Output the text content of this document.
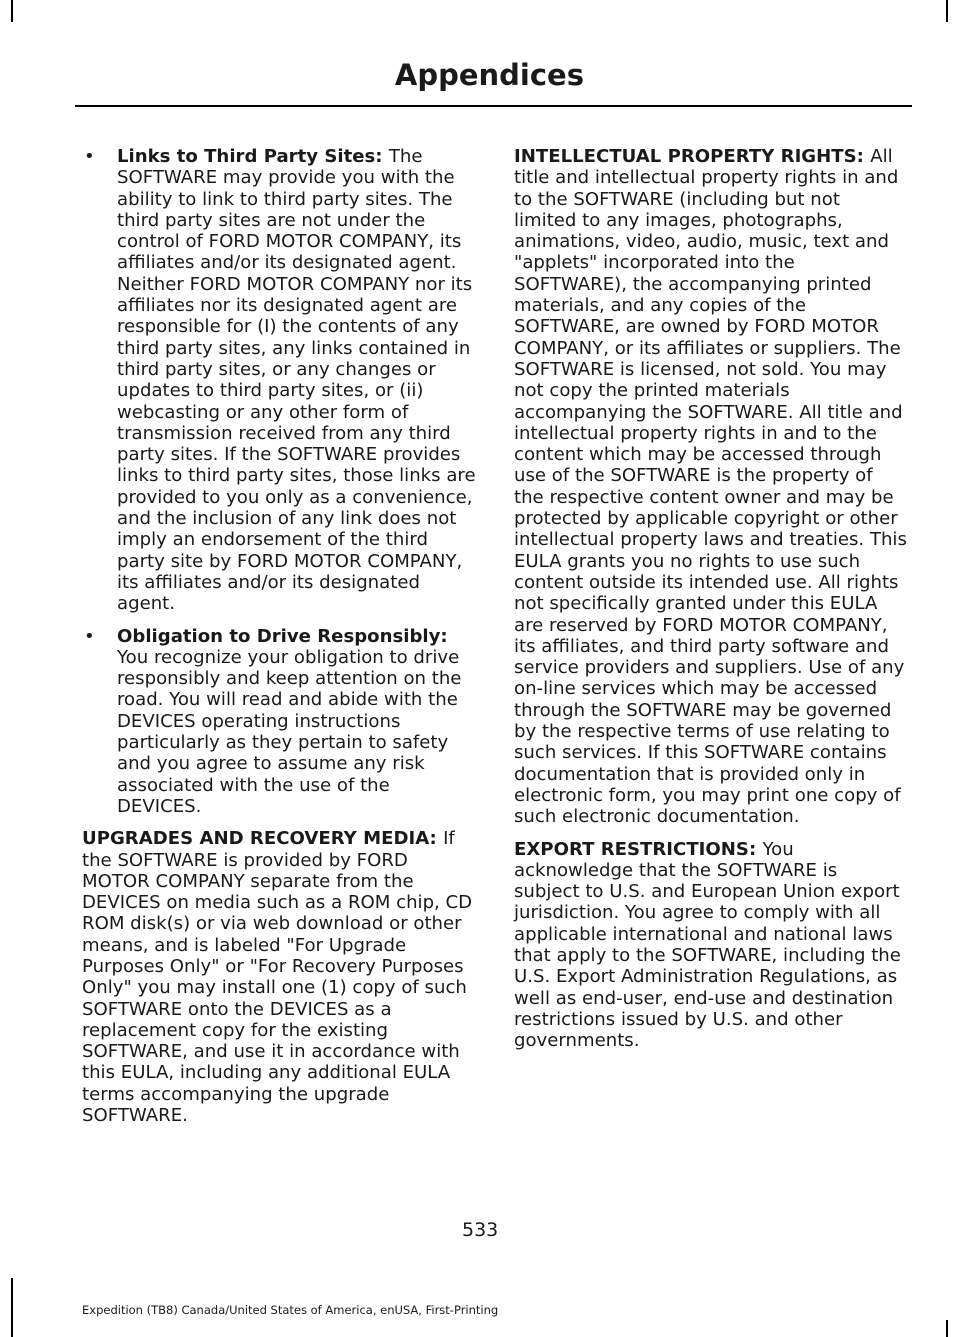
Appendices
• Links to Third Party Sites: The SOFTWARE may provide you with the ability to link to third party sites. The third party sites are not under the control of FORD MOTOR COMPANY, its affiliates and/or its designated agent. Neither FORD MOTOR COMPANY nor its affiliates nor its designated agent are responsible for (I) the contents of any third party sites, any links contained in third party sites, or any changes or updates to third party sites, or (ii) webcasting or any other form of transmission received from any third party sites. If the SOFTWARE provides links to third party sites, those links are provided to you only as a convenience, and the inclusion of any link does not imply an endorsement of the third party site by FORD MOTOR COMPANY, its affiliates and/or its designated agent.
• Obligation to Drive Responsibly: You recognize your obligation to drive responsibly and keep attention on the road. You will read and abide with the DEVICES operating instructions particularly as they pertain to safety and you agree to assume any risk associated with the use of the DEVICES.

UPGRADES AND RECOVERY MEDIA: If the SOFTWARE is provided by FORD MOTOR COMPANY separate from the DEVICES on media such as a ROM chip, CD ROM disk(s) or via web download or other means, and is labeled "For Upgrade Purposes Only" or "For Recovery Purposes Only" you may install one (1) copy of such SOFTWARE onto the DEVICES as a replacement copy for the existing SOFTWARE, and use it in accordance with this EULA, including any additional EULA terms accompanying the upgrade SOFTWARE.

INTELLECTUAL PROPERTY RIGHTS: All title and intellectual property rights in and to the SOFTWARE (including but not limited to any images, photographs, animations, video, audio, music, text and "applets" incorporated into the SOFTWARE), the accompanying printed materials, and any copies of the SOFTWARE, are owned by FORD MOTOR COMPANY, or its affiliates or suppliers. The SOFTWARE is licensed, not sold. You may not copy the printed materials accompanying the SOFTWARE. All title and intellectual property rights in and to the content which may be accessed through use of the SOFTWARE is the property of the respective content owner and may be protected by applicable copyright or other intellectual property laws and treaties. This EULA grants you no rights to use such content outside its intended use. All rights not specifically granted under this EULA are reserved by FORD MOTOR COMPANY, its affiliates, and third party software and service providers and suppliers. Use of any on-line services which may be accessed through the SOFTWARE may be governed by the respective terms of use relating to such services. If this SOFTWARE contains documentation that is provided only in electronic form, you may print one copy of such electronic documentation.

EXPORT RESTRICTIONS: You acknowledge that the SOFTWARE is subject to U.S. and European Union export jurisdiction. You agree to comply with all applicable international and national laws that apply to the SOFTWARE, including the U.S. Export Administration Regulations, as well as end-user, end-use and destination restrictions issued by U.S. and other governments.

533
Expedition (TB8) Canada/United States of America, enUSA, First-Printing
